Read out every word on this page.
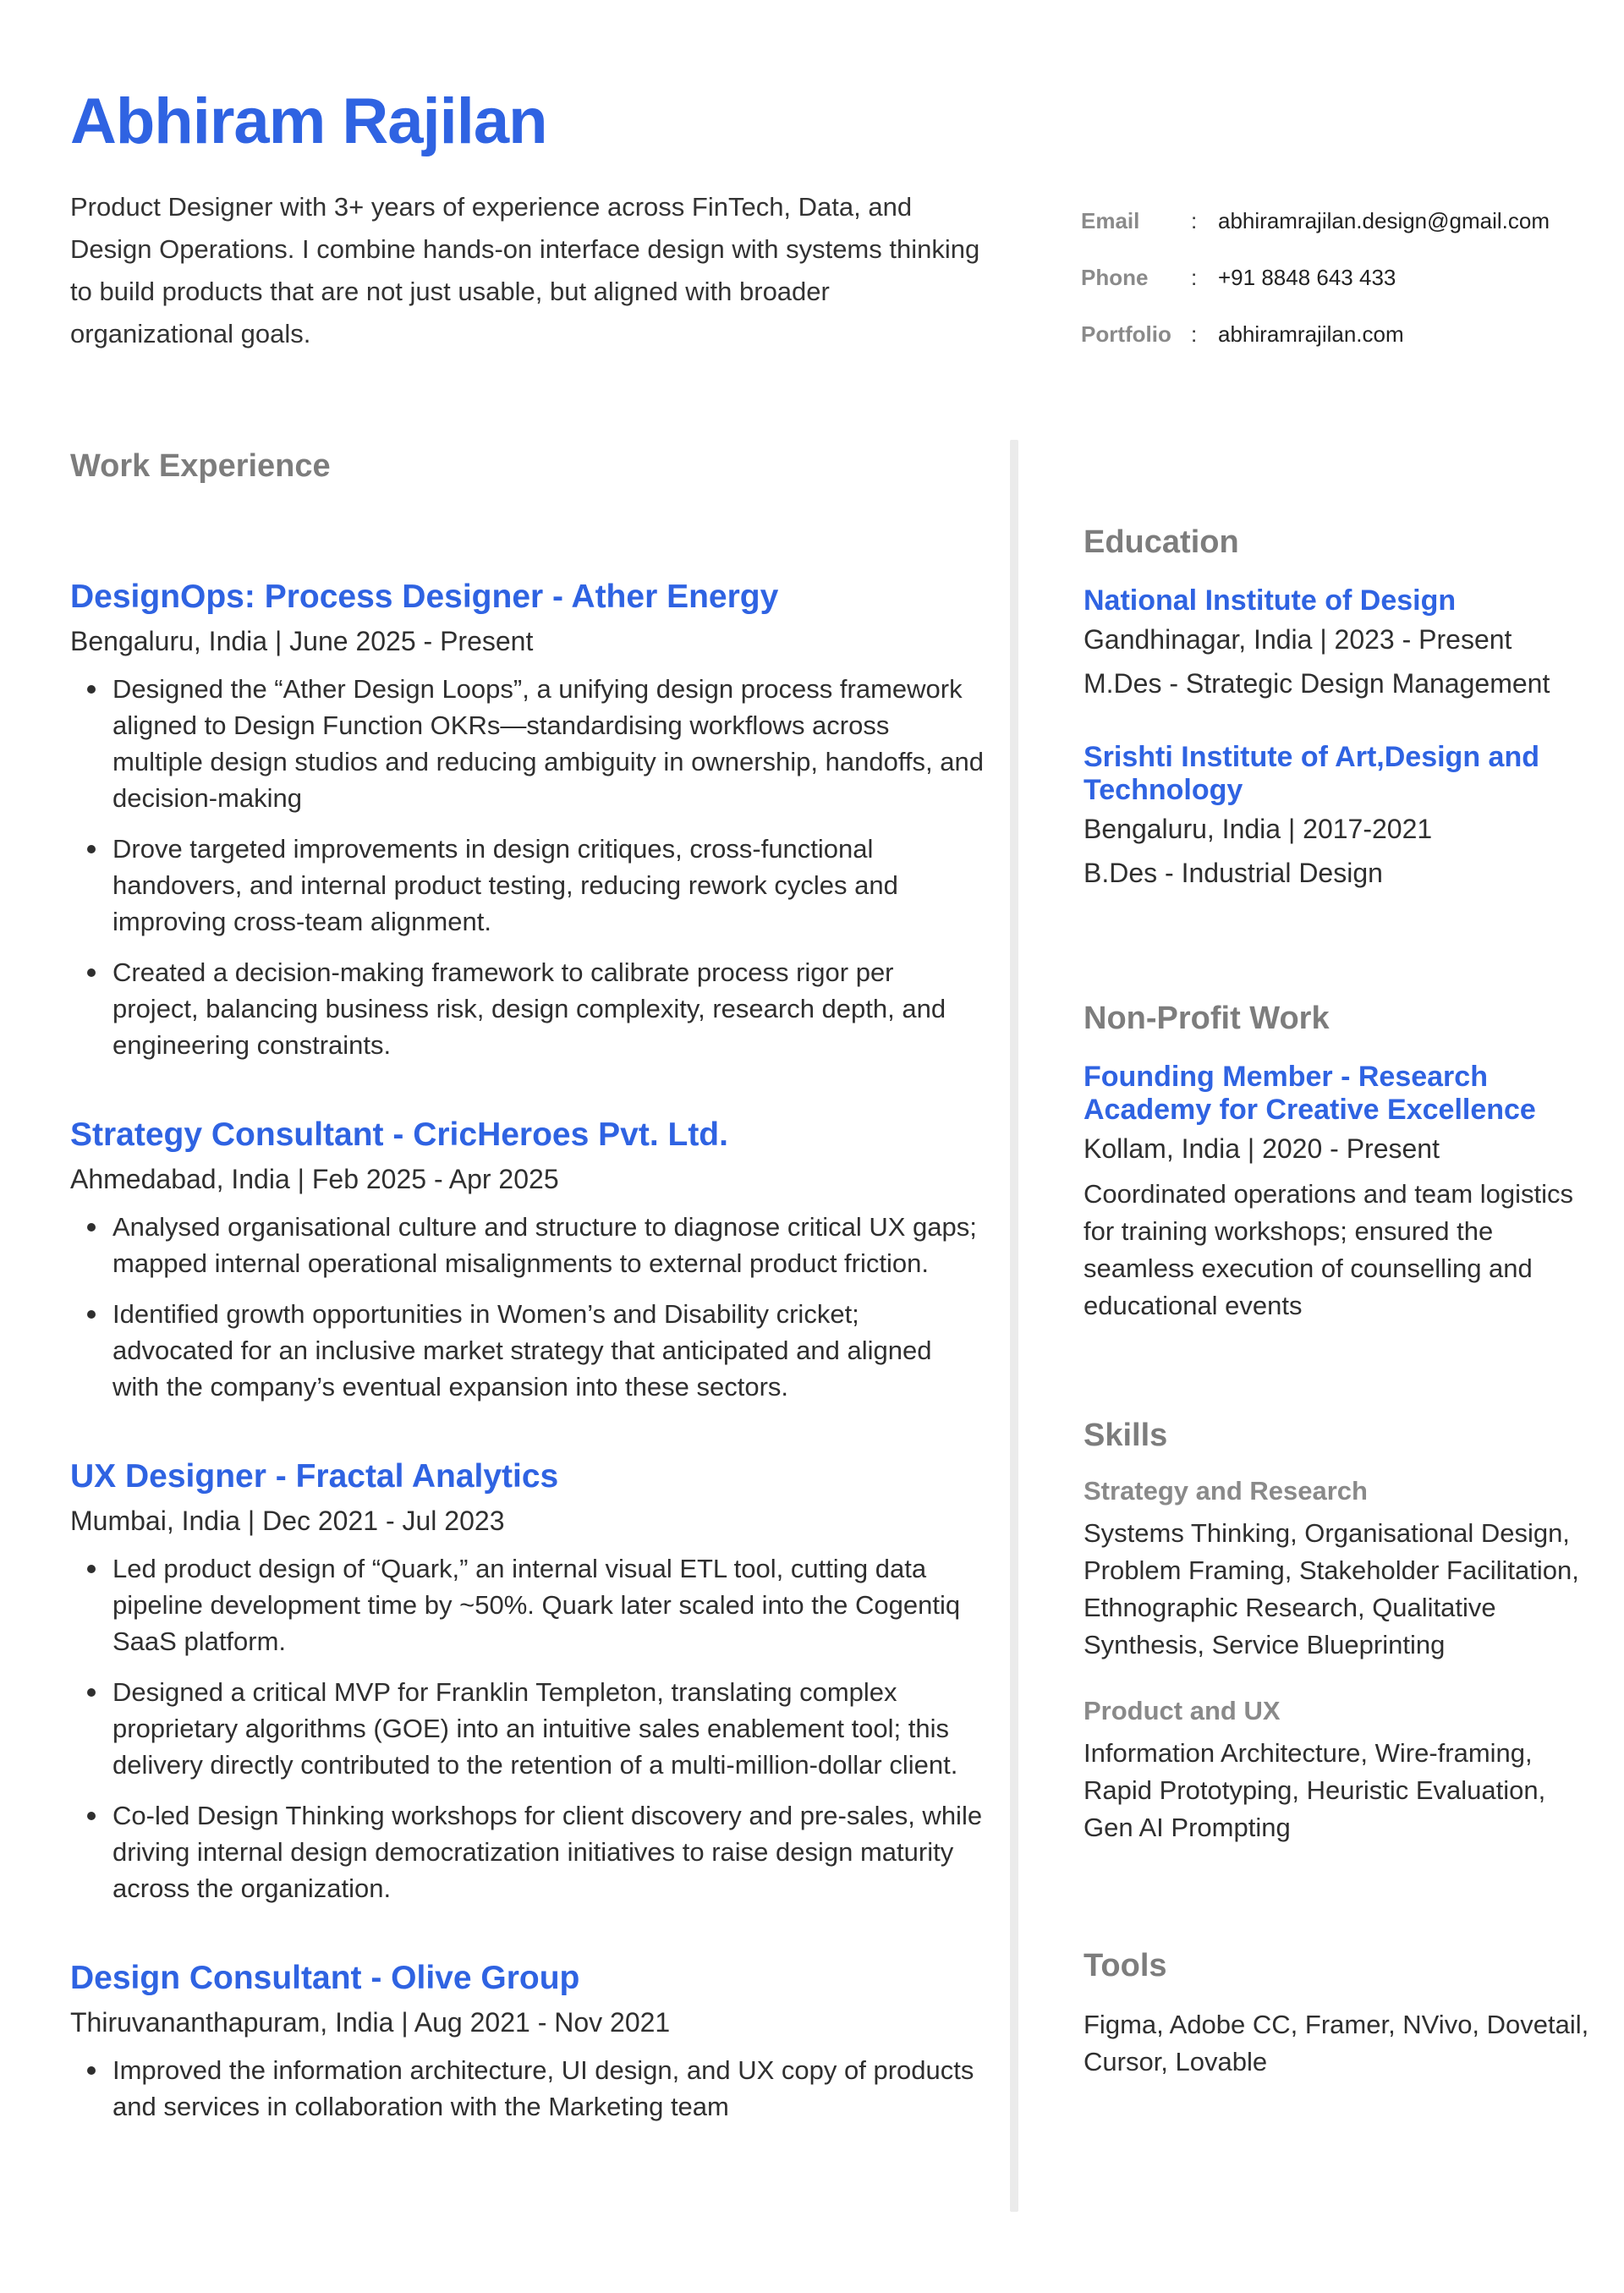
Abhiram Rajilan

Product Designer with 3+ years of experience across FinTech, Data, and Design Operations. I combine hands-on interface design with systems thinking to build products that are not just usable, but aligned with broader organizational goals.

Email	: abhiramrajilan.design@gmail.com
Phone	: +91 8848 643 433
Portfolio : abhiramrajilan.com
Work Experience
DesignOps: Process Designer - Ather Energy

Bengaluru, India | June 2025 - Present

Designed the “Ather Design Loops”, a unifying design process framework aligned to Design Function OKRs—standardising workflows across multiple design studios and reducing ambiguity in ownership, handoffs, and decision-making
Drove targeted improvements in design critiques, cross-functional handovers, and internal product testing, reducing rework cycles and improving cross-team alignment.
Created a decision-making framework to calibrate process rigor per project, balancing business risk, design complexity, research depth, and engineering constraints.
Strategy Consultant - CricHeroes Pvt. Ltd.

Ahmedabad, India | Feb 2025 - Apr 2025

Analysed organisational culture and structure to diagnose critical UX gaps; mapped internal operational misalignments to external product friction.
Identified growth opportunities in Women’s and Disability cricket; advocated for an inclusive market strategy that anticipated and aligned with the company’s eventual expansion into these sectors.
UX Designer - Fractal Analytics

Mumbai, India | Dec 2021 - Jul 2023

Led product design of “Quark,” an internal visual ETL tool, cutting data pipeline development time by ~50%. Quark later scaled into the Cogentiq SaaS platform.
Designed a critical MVP for Franklin Templeton, translating complex proprietary algorithms (GOE) into an intuitive sales enablement tool; this delivery directly contributed to the retention of a multi-million-dollar client.
Co-led Design Thinking workshops for client discovery and pre-sales, while driving internal design democratization initiatives to raise design maturity across the organization.
Design Consultant - Olive Group

Thiruvananthapuram, India | Aug 2021 - Nov 2021

Improved the information architecture, UI design, and UX copy of products and services in collaboration with the Marketing team
Education
National Institute of Design

Gandhinagar, India | 2023 - Present

M.Des - Strategic Design Management

Srishti Institute of Art,Design and Technology

Bengaluru, India | 2017-2021

B.Des - Industrial Design

Non-Profit Work
Founding Member - Research Academy for Creative Excellence

Kollam, India | 2020 - Present

Coordinated operations and team logistics for training workshops; ensured the seamless execution of counselling and educational events

Skills

Strategy and Research

Systems Thinking, Organisational Design, Problem Framing, Stakeholder Facilitation, Ethnographic Research, Qualitative Synthesis, Service Blueprinting

Product and UX

Information Architecture, Wire-framing, Rapid Prototyping, Heuristic Evaluation, Gen AI Prompting

Tools

Figma, Adobe CC, Framer, NVivo, Dovetail, Cursor, Lovable
